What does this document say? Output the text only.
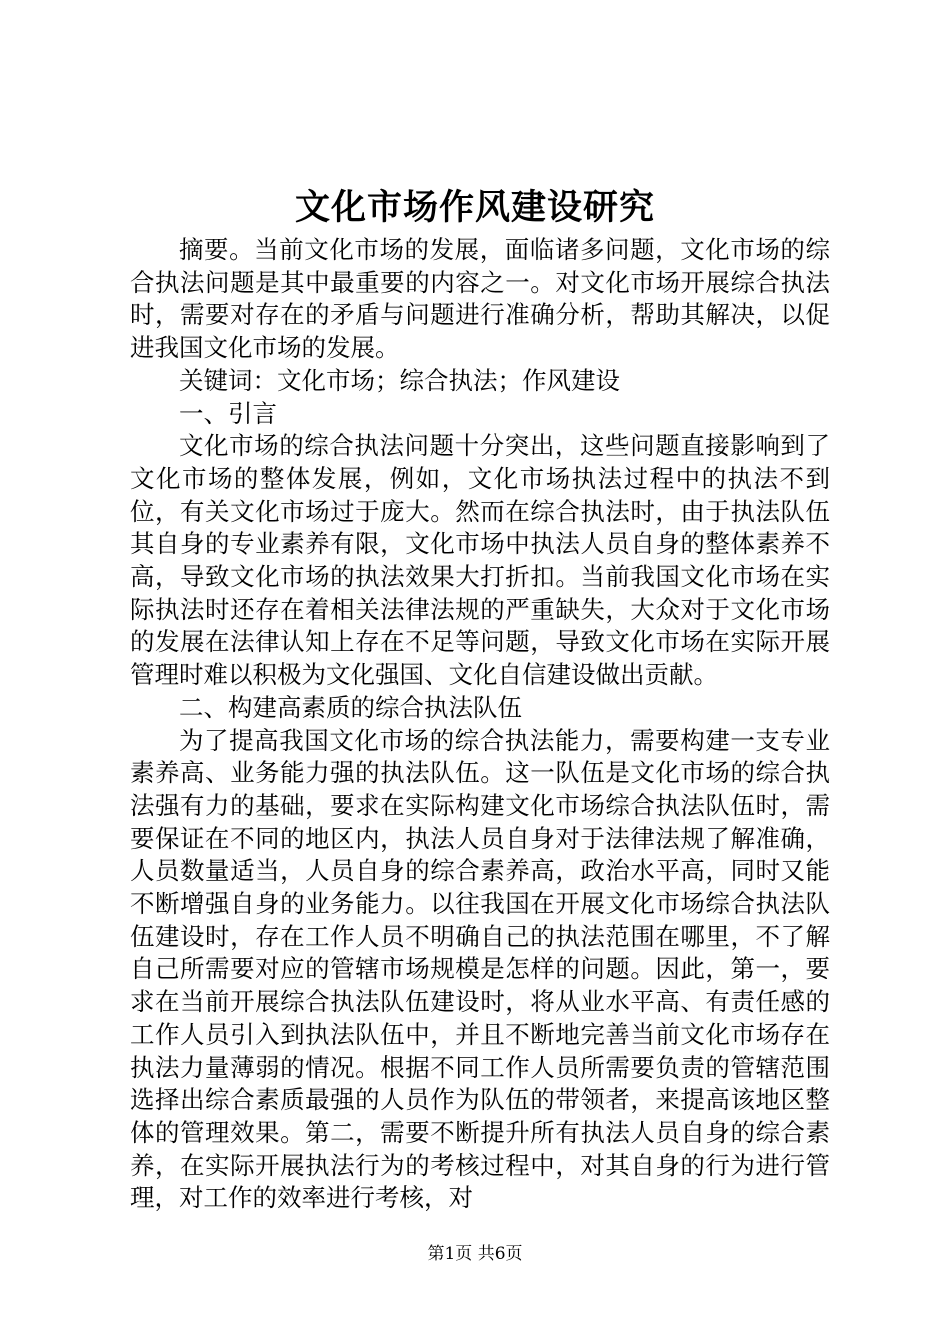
文化市场作风建设研究

摘要。当前文化市场的发展，面临诸多问题，文化市场的综合执法问题是其中最重要的内容之一。对文化市场开展综合执法时，需要对存在的矛盾与问题进行准确分析，帮助其解决，以促进我国文化市场的发展。

关键词：文化市场；综合执法；作风建设

一、引言

文化市场的综合执法问题十分突出，这些问题直接影响到了文化市场的整体发展，例如，文化市场执法过程中的执法不到位，有关文化市场过于庞大。然而在综合执法时，由于执法队伍其自身的专业素养有限，文化市场中执法人员自身的整体素养不高，导致文化市场的执法效果大打折扣。当前我国文化市场在实际执法时还存在着相关法律法规的严重缺失，大众对于文化市场的发展在法律认知上存在不足等问题，导致文化市场在实际开展管理时难以积极为文化强国、文化自信建设做出贡献。

二、构建高素质的综合执法队伍

为了提高我国文化市场的综合执法能力，需要构建一支专业素养高、业务能力强的执法队伍。这一队伍是文化市场的综合执法强有力的基础，要求在实际构建文化市场综合执法队伍时，需要保证在不同的地区内，执法人员自身对于法律法规了解准确，人员数量适当，人员自身的综合素养高，政治水平高，同时又能不断增强自身的业务能力。以往我国在开展文化市场综合执法队伍建设时，存在工作人员不明确自己的执法范围在哪里，不了解自己所需要对应的管辖市场规模是怎样的问题。因此，第一，要求在当前开展综合执法队伍建设时，将从业水平高、有责任感的工作人员引入到执法队伍中，并且不断地完善当前文化市场存在执法力量薄弱的情况。根据不同工作人员所需要负责的管辖范围选择出综合素质最强的人员作为队伍的带领者，来提高该地区整体的管理效果。第二，需要不断提升所有执法人员自身的综合素养，在实际开展执法行为的考核过程中，对其自身的行为进行管理，对工作的效率进行考核，对

第1页 共6页
